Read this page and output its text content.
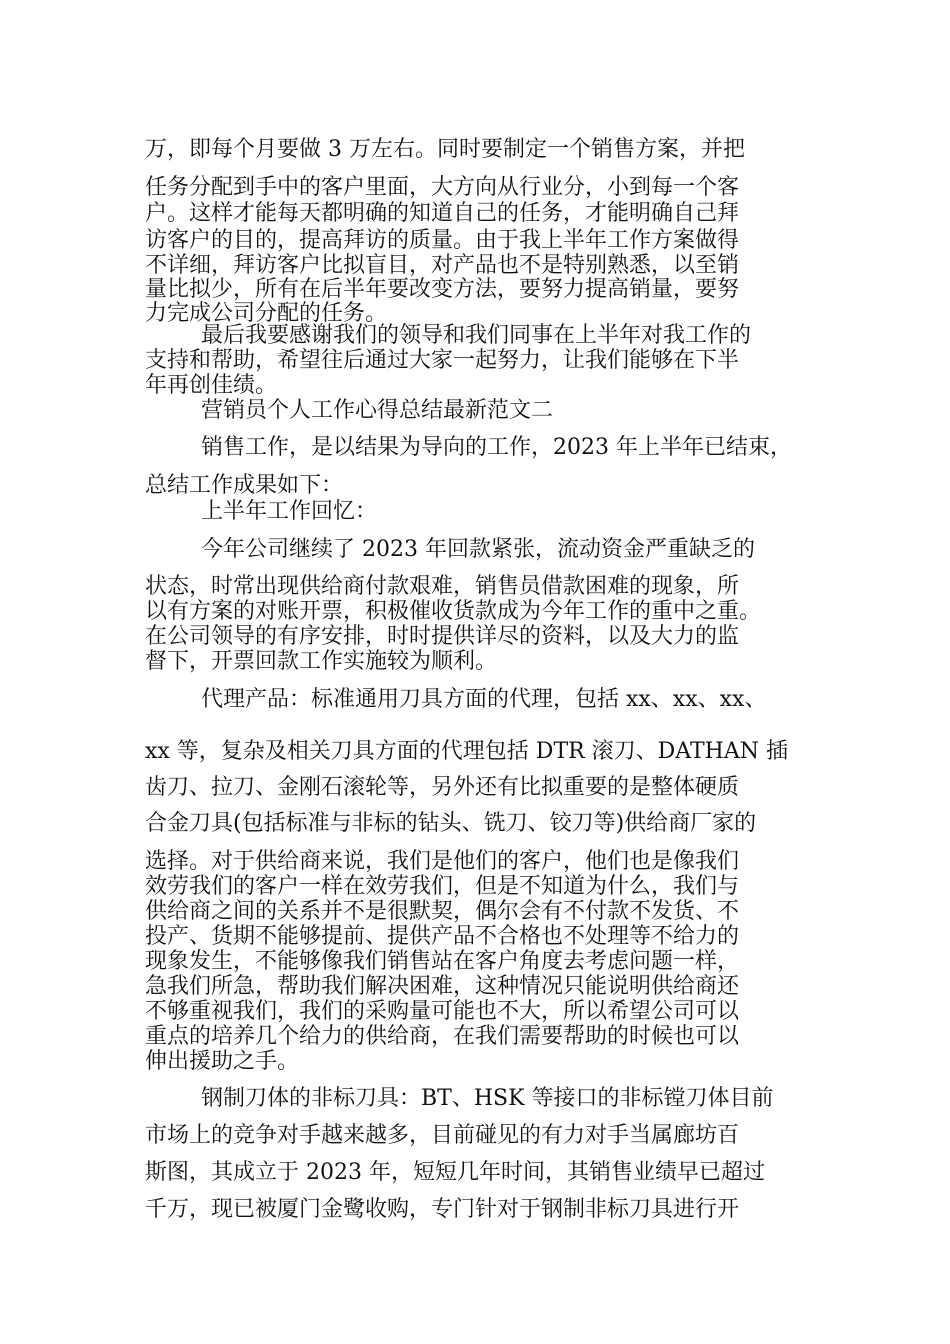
万，即每个月要做 3 万左右。同时要制定一个销售方案，并把

任务分配到手中的客户里面，大方向从行业分，小到每一个客

户。这样才能每天都明确的知道自己的任务，才能明确自己拜

访客户的目的，提高拜访的质量。由于我上半年工作方案做得

不详细，拜访客户比拟盲目，对产品也不是特别熟悉，以至销

量比拟少，所有在后半年要改变方法，要努力提高销量，要努

力完成公司分配的任务。

最后我要感谢我们的领导和我们同事在上半年对我工作的

支持和帮助，希望往后通过大家一起努力，让我们能够在下半

年再创佳绩。

营销员个人工作心得总结最新范文二

销售工作，是以结果为导向的工作，2023 年上半年已结束，

总结工作成果如下：

上半年工作回忆：

今年公司继续了 2023 年回款紧张，流动资金严重缺乏的

状态，时常出现供给商付款艰难，销售员借款困难的现象，所

以有方案的对账开票，积极催收货款成为今年工作的重中之重。

在公司领导的有序安排，时时提供详尽的资料，以及大力的监

督下，开票回款工作实施较为顺利。

代理产品：标准通用刀具方面的代理，包括 xx、xx、xx、

xx 等，复杂及相关刀具方面的代理包括 DTR 滚刀、DATHAN 插

齿刀、拉刀、金刚石滚轮等，另外还有比拟重要的是整体硬质

合金刀具(包括标准与非标的钻头、铣刀、铰刀等)供给商厂家的

选择。对于供给商来说，我们是他们的客户，他们也是像我们

效劳我们的客户一样在效劳我们，但是不知道为什么，我们与

供给商之间的关系并不是很默契，偶尔会有不付款不发货、不

投产、货期不能够提前、提供产品不合格也不处理等不给力的

现象发生，不能够像我们销售站在客户角度去考虑问题一样，

急我们所急，帮助我们解决困难，这种情况只能说明供给商还

不够重视我们，我们的采购量可能也不大，所以希望公司可以

重点的培养几个给力的供给商，在我们需要帮助的时候也可以

伸出援助之手。

钢制刀体的非标刀具：BT、HSK 等接口的非标镗刀体目前

市场上的竞争对手越来越多，目前碰见的有力对手当属廊坊百

斯图，其成立于 2023 年，短短几年时间，其销售业绩早已超过

千万，现已被厦门金鹭收购，专门针对于钢制非标刀具进行开
